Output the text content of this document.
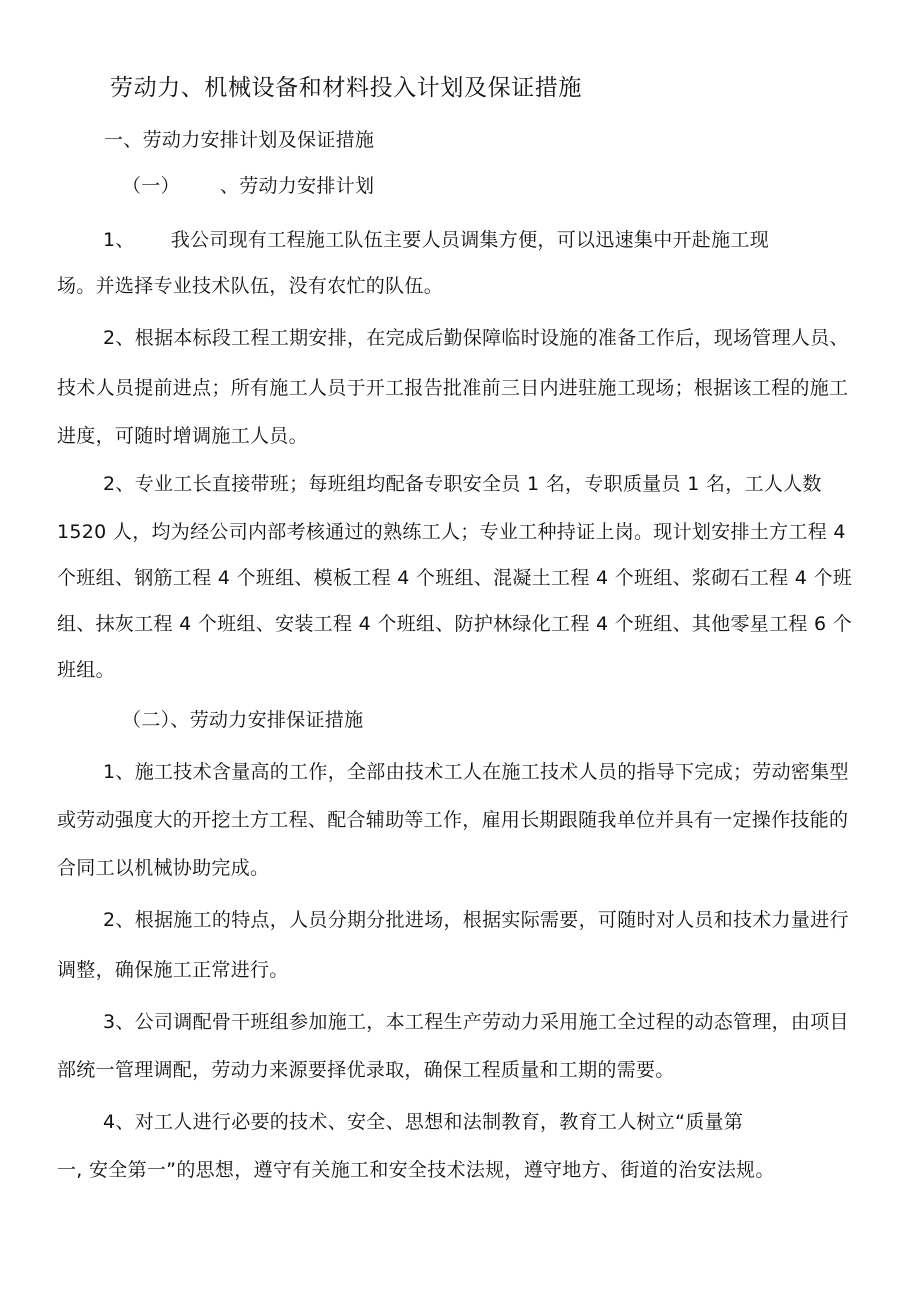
劳动力、机械设备和材料投入计划及保证措施
一、劳动力安排计划及保证措施
（一） 、劳动力安排计划
1、 我公司现有工程施工队伍主要人员调集方便，可以迅速集中开赴施工现
场。并选择专业技术队伍，没有农忙的队伍。
2、根据本标段工程工期安排，在完成后勤保障临时设施的准备工作后，现场管理人员、
技术人员提前进点；所有施工人员于开工报告批准前三日内进驻施工现场；根据该工程的施工
进度，可随时增调施工人员。
2、专业工长直接带班；每班组均配备专职安全员 1 名，专职质量员 1 名，工人人数
1520 人，均为经公司内部考核通过的熟练工人；专业工种持证上岗。现计划安排土方工程 4
个班组、钢筋工程 4 个班组、模板工程 4 个班组、混凝土工程 4 个班组、浆砌石工程 4 个班
组、抹灰工程 4 个班组、安装工程 4 个班组、防护林绿化工程 4 个班组、其他零星工程 6 个
班组。
（二）、劳动力安排保证措施
1、施工技术含量高的工作，全部由技术工人在施工技术人员的指导下完成；劳动密集型
或劳动强度大的开挖土方工程、配合辅助等工作，雇用长期跟随我单位并具有一定操作技能的
合同工以机械协助完成。
2、根据施工的特点，人员分期分批进场，根据实际需要，可随时对人员和技术力量进行
调整，确保施工正常进行。
3、公司调配骨干班组参加施工，本工程生产劳动力采用施工全过程的动态管理，由项目
部统一管理调配，劳动力来源要择优录取，确保工程质量和工期的需要。
4、对工人进行必要的技术、安全、思想和法制教育，教育工人树立“质量第
一, 安全第一”的思想，遵守有关施工和安全技术法规，遵守地方、街道的治安法规。
